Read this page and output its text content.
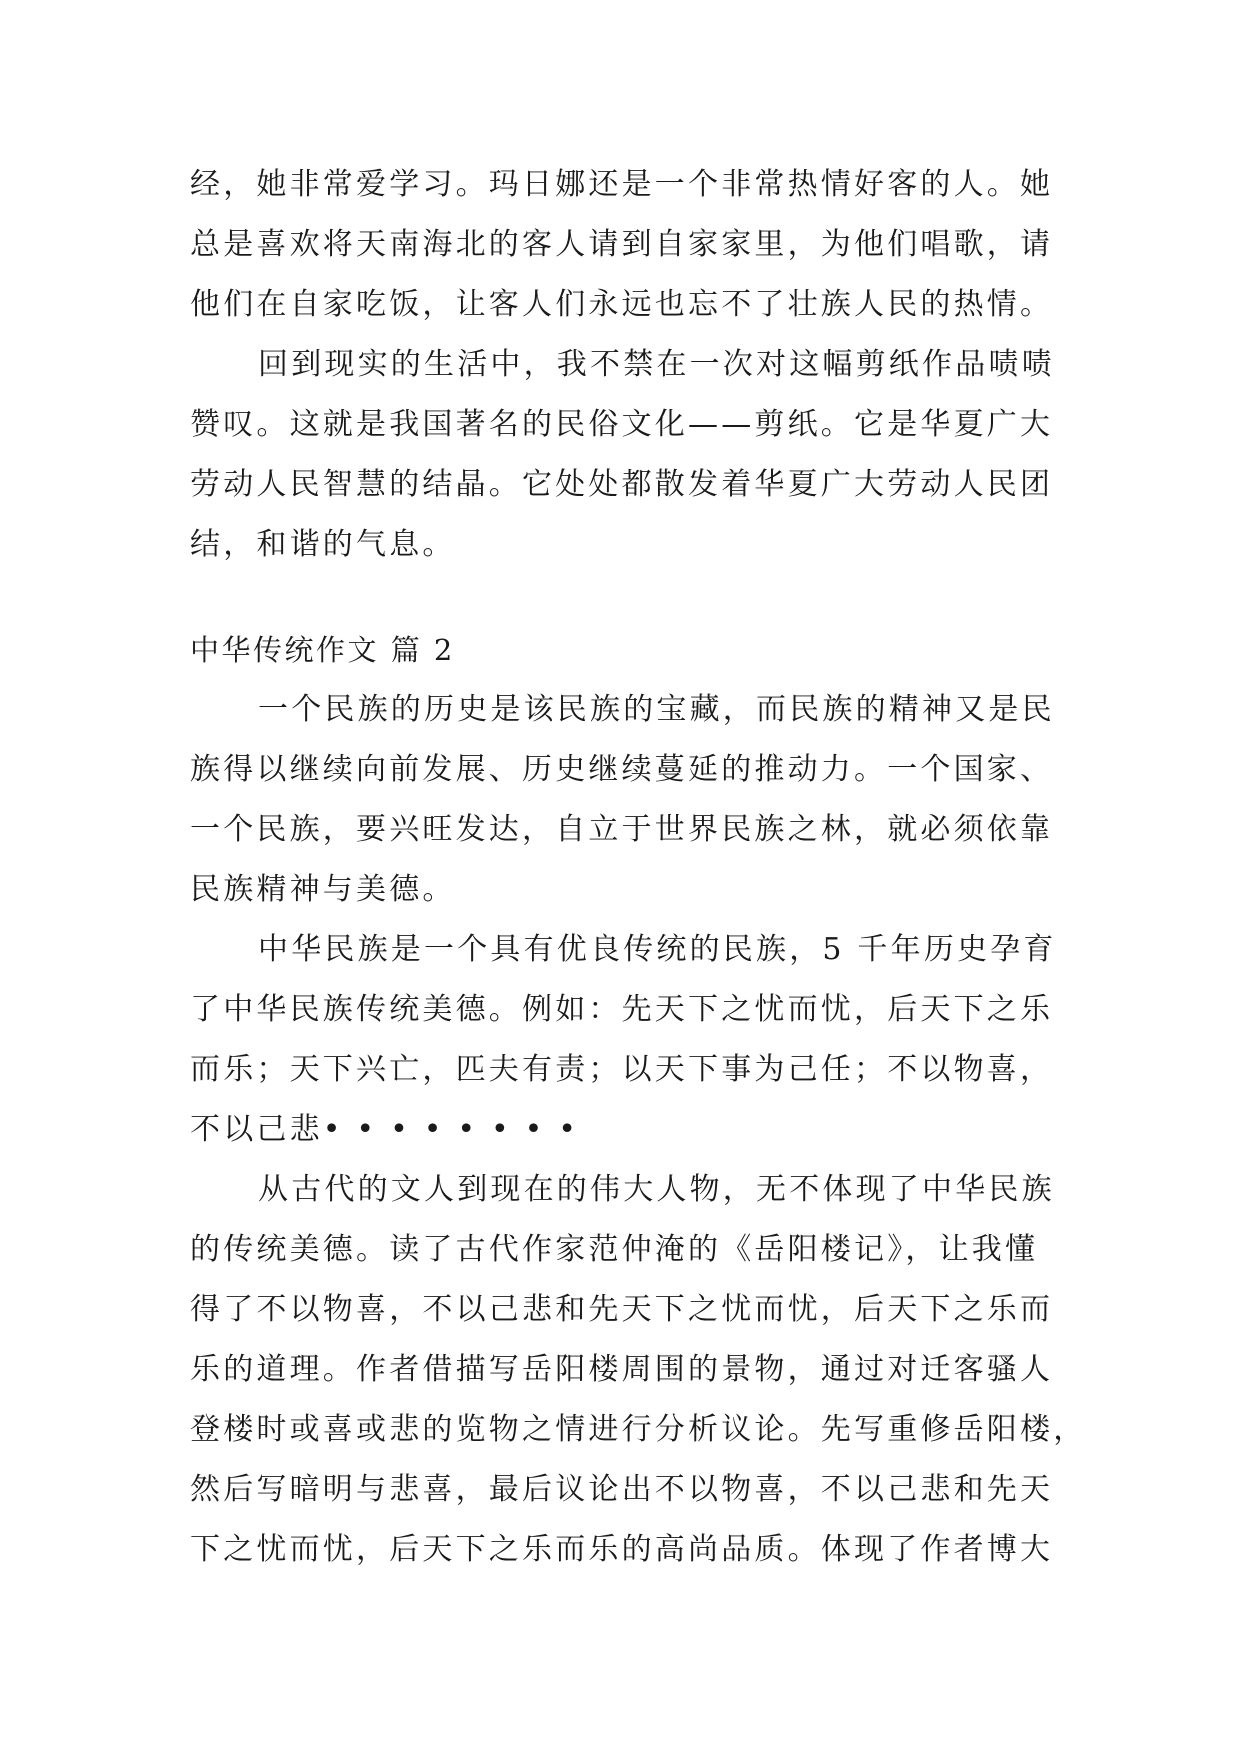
经，她非常爱学习。玛日娜还是一个非常热情好客的人。她

总是喜欢将天南海北的客人请到自家家里，为他们唱歌，请

他们在自家吃饭，让客人们永远也忘不了壮族人民的热情。

回到现实的生活中，我不禁在一次对这幅剪纸作品啧啧

赞叹。这就是我国著名的民俗文化——剪纸。它是华夏广大

劳动人民智慧的结晶。它处处都散发着华夏广大劳动人民团

结，和谐的气息。

中华传统作文 篇 2

一个民族的历史是该民族的宝藏，而民族的精神又是民

族得以继续向前发展、历史继续蔓延的推动力。一个国家、

一个民族，要兴旺发达，自立于世界民族之林，就必须依靠

民族精神与美德。

中华民族是一个具有优良传统的民族，5 千年历史孕育

了中华民族传统美德。例如：先天下之忧而忧，后天下之乐

而乐；天下兴亡，匹夫有责；以天下事为己任；不以物喜，

不以己悲• • • • • • • •

从古代的文人到现在的伟大人物，无不体现了中华民族

的传统美德。读了古代作家范仲淹的《岳阳楼记》，让我懂

得了不以物喜，不以己悲和先天下之忧而忧，后天下之乐而

乐的道理。作者借描写岳阳楼周围的景物，通过对迁客骚人

登楼时或喜或悲的览物之情进行分析议论。先写重修岳阳楼，

然后写暗明与悲喜，最后议论出不以物喜，不以己悲和先天

下之忧而忧，后天下之乐而乐的高尚品质。体现了作者博大
